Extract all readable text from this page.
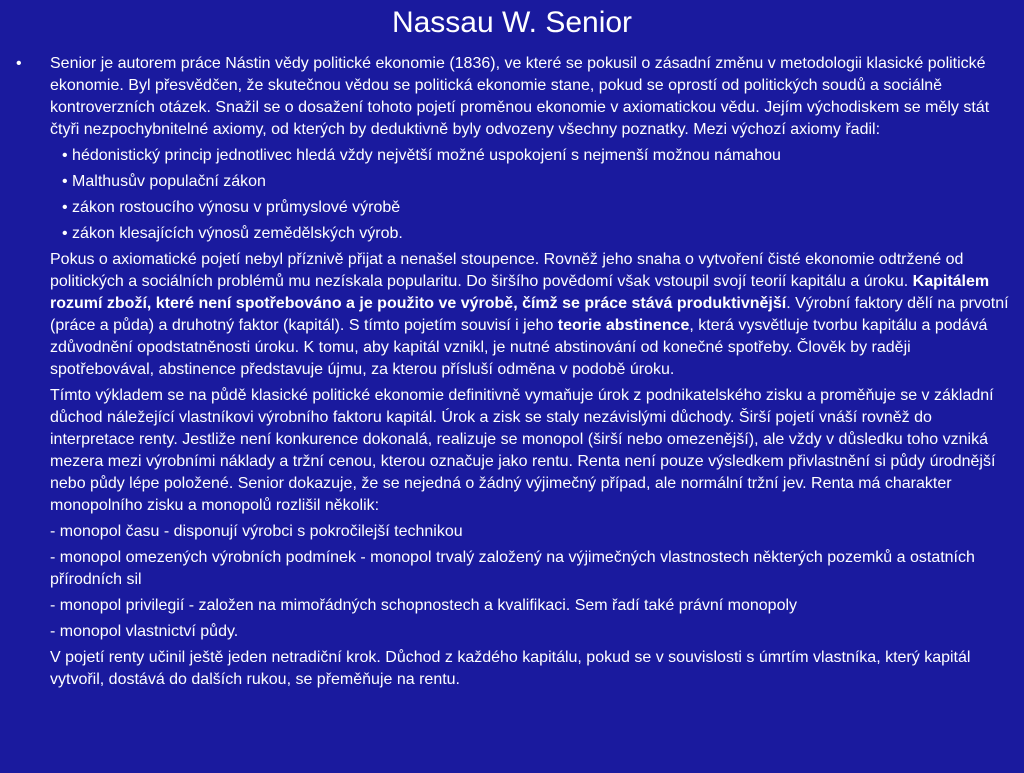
Nassau W. Senior
•	Senior je autorem práce Nástin vědy politické ekonomie (1836), ve které se pokusil o zásadní změnu v metodologii klasické politické ekonomie. Byl přesvědčen, že skutečnou vědou se politická ekonomie stane, pokud se oprostí od politických soudů a sociálně kontroverzních otázek. Snažil se o dosažení tohoto pojetí proměnou ekonomie v axiomatickou vědu. Jejím východiskem se měly stát čtyři nezpochybnitelné axiomy, od kterých by deduktivně byly odvozeny všechny poznatky. Mezi výchozí axiomy řadil:
• hédonistický princip jednotlivec hledá vždy největší možné uspokojení s nejmenší možnou námahou
• Malthusův populační zákon
• zákon rostoucího výnosu v průmyslové výrobě
• zákon klesajících výnosů zemědělských výrob.
Pokus o axiomatické pojetí nebyl příznivě přijat a nenašel stoupence. Rovněž jeho snaha o vytvoření čisté ekonomie odtržené od politických a sociálních problémů mu nezískala popularitu. Do širšího povědomí však vstoupil svojí teorií kapitálu a úroku. Kapitálem rozumí zboží, které není spotřebováno a je použito ve výrobě, čímž se práce stává produktivnější. Výrobní faktory dělí na prvotní (práce a půda) a druhotný faktor (kapitál). S tímto pojetím souvisí i jeho teorie abstinence, která vysvětluje tvorbu kapitálu a podává zdůvodnění opodstatněnosti úroku. K tomu, aby kapitál vznikl, je nutné abstinování od konečné spotřeby. Člověk by raději spotřebovával, abstinence představuje újmu, za kterou přísluší odměna v podobě úroku.
Tímto výkladem se na půdě klasické politické ekonomie definitivně vymaňuje úrok z podnikatelského zisku a proměňuje se v základní důchod náležející vlastníkovi výrobního faktoru kapitál. Úrok a zisk se staly nezávislými důchody. Širší pojetí vnáší rovněž do interpretace renty. Jestliže není konkurence dokonalá, realizuje se monopol (širší nebo omezenější), ale vždy v důsledku toho vzniká mezera mezi výrobními náklady a tržní cenou, kterou označuje jako rentu. Renta není pouze výsledkem přivlastnění si půdy úrodnější nebo půdy lépe položené. Senior dokazuje, že se nejedná o žádný výjimečný případ, ale normální tržní jev. Renta má charakter monopolního zisku a monopolů rozlišil několik:
- monopol času - disponují výrobci s pokročilejší technikou
- monopol omezených výrobních podmínek - monopol trvalý založený na výjimečných vlastnostech některých pozemků a ostatních přírodních sil
- monopol privilegií - založen na mimořádných schopnostech a kvalifikaci. Sem řadí také právní monopoly
- monopol vlastnictví půdy.
V pojetí renty učinil ještě jeden netradiční krok. Důchod z každého kapitálu, pokud se v souvislosti s úmrtím vlastníka, který kapitál vytvořil, dostává do dalších rukou, se přeměňuje na rentu.
